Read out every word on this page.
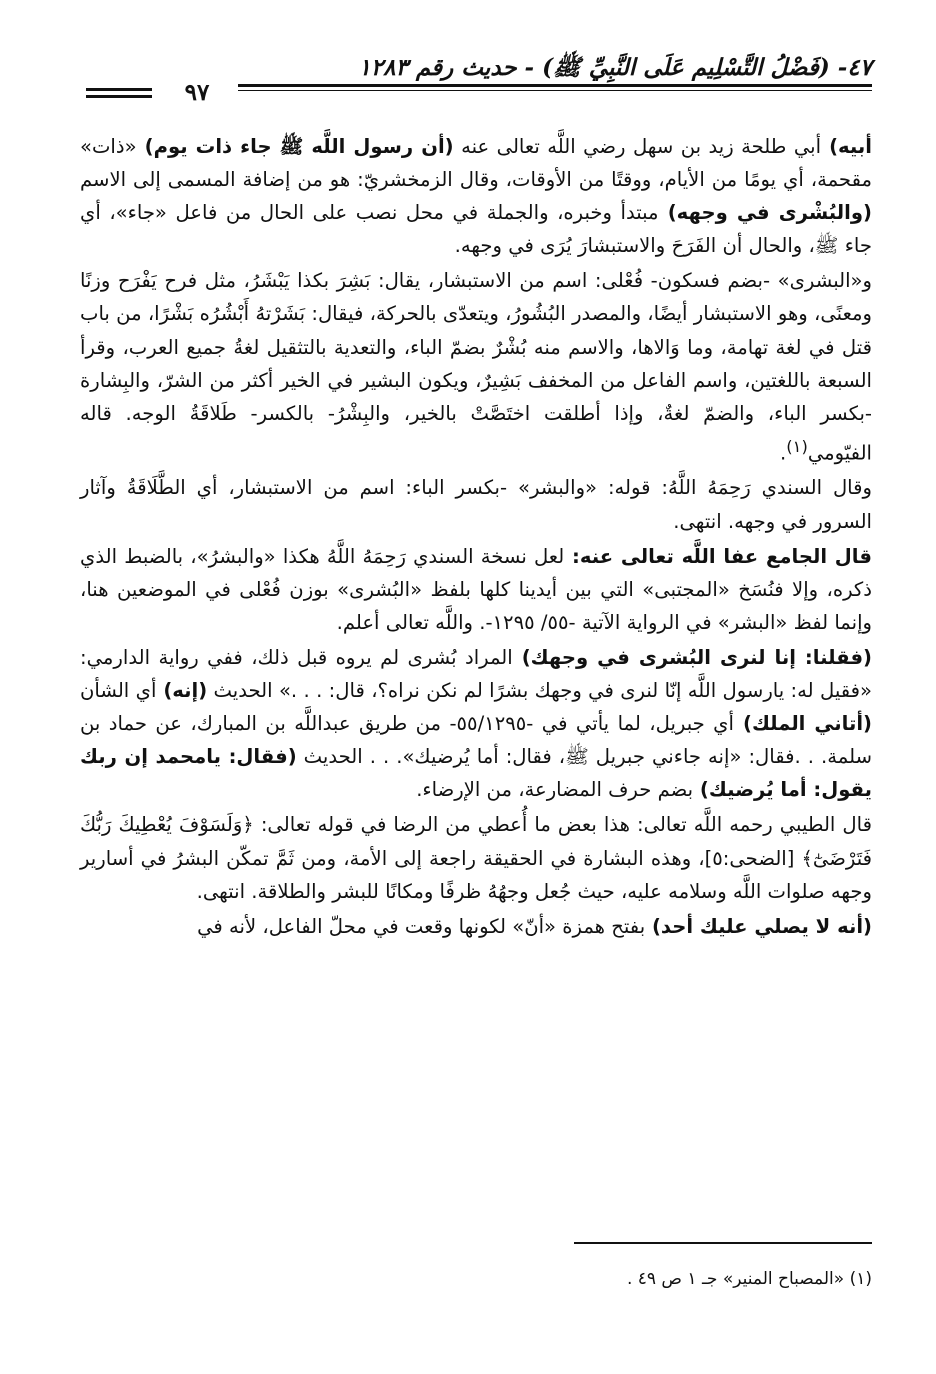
٤٧- (فَضْلُ التَّسْلِيم عَلَى النَّبِيِّ ﷺ) - حديث رقم ١٢٨٣
٩٧

أبيه) أبي طلحة زيد بن سهل رضي اللَّه تعالى عنه (أن رسول اللَّه ﷺ جاء ذات يوم) «ذات» مقحمة، أي يومًا من الأيام، ووقتًا من الأوقات، وقال الزمخشريّ: هو من إضافة المسمى إلى الاسم (والبُشْرى في وجهه) مبتدأ وخبره، والجملة في محل نصب على الحال من فاعل «جاء»، أي جاء ﷺ، والحال أن الفَرَحَ والاستبشارَ يُرَى في وجهه.

و«البشرى» -بضم فسكون- فُعْلى: اسم من الاستبشار، يقال: بَشِرَ بكذا يَبْشَرُ، مثل فرح يَفْرَح وزنًا ومعنًى، وهو الاستبشار أيضًا، والمصدر البُشُورُ، ويتعدّى بالحركة، فيقال: بَشَرْتهُ أَبْشُرُه بَشْرًا، من باب قتل في لغة تهامة، وما وَالاها، والاسم منه بُشْرٌ بضمّ الباء، والتعدية بالتثقيل لغةُ جميع العرب، وقرأ السبعة باللغتين، واسم الفاعل من المخفف بَشِيرٌ، ويكون البشير في الخير أكثر من الشرّ، والبِشارة -بكسر الباء، والضمّ لغةٌ، وإذا أطلقت اختَصَّتْ بالخير، والبِشْرُ- بالكسر- طَلاقَةُ الوجه. قاله الفيّومي$^{(١)}$.

وقال السندي رَحِمَهُ اللَّهُ: قوله: «والبشر» -بكسر الباء: اسم من الاستبشار، أي الطَّلَاقَةُ وآثار السرور في وجهه. انتهى.

قال الجامع عفا اللَّه تعالى عنه: لعل نسخة السندي رَحِمَهُ اللَّهُ هكذا «والبشرُ»، بالضبط الذي ذكره، وإلا فنُسَخ «المجتبى» التي بين أيدينا كلها بلفظ «البُشرى» بوزن فُعْلى في الموضعين هنا، وإنما لفظ «البشر» في الرواية الآتية -٥٥/ ١٢٩٥-. واللَّه تعالى أعلم.

(فقلنا: إنا لنرى البُشرى في وجهك) المراد بُشرى لم يروه قبل ذلك، ففي رواية الدارمي: «فقيل له: يارسول اللَّه إنّا لنرى في وجهك بشرًا لم نكن نراه؟، قال: . . .» الحديث (إنه) أي الشأن (أتاني الملك) أي جبريل، لما يأتي في -٥٥/١٢٩٥- من طريق عبداللَّه بن المبارك، عن حماد بن سلمة. . .فقال: «إنه جاءني جبريل ﷺ، فقال: أما يُرضيك». . . الحديث (فقال: يامحمد إن ربك يقول: أما يُرضيك) بضم حرف المضارعة، من الإرضاء.

قال الطيبي رحمه اللَّه تعالى: هذا بعض ما أُعطي من الرضا في قوله تعالى: ﴿وَلَسَوْفَ يُعْطِيكَ رَبُّكَ فَتَرْضَىٰٓ﴾ [الضحى:٥]، وهذه البشارة في الحقيقة راجعة إلى الأمة، ومن ثَمَّ تمكّن البشرُ في أسارير وجهه صلوات اللَّه وسلامه عليه، حيث جُعل وجهُهُ ظرفًا ومكانًا للبشر والطلاقة. انتهى.

(أنه لا يصلي عليك أحد) بفتح همزة «أنّ» لكونها وقعت في محلّ الفاعل، لأنه في

(١) «المصباح المنير» جـ ١ ص ٤٩ .
